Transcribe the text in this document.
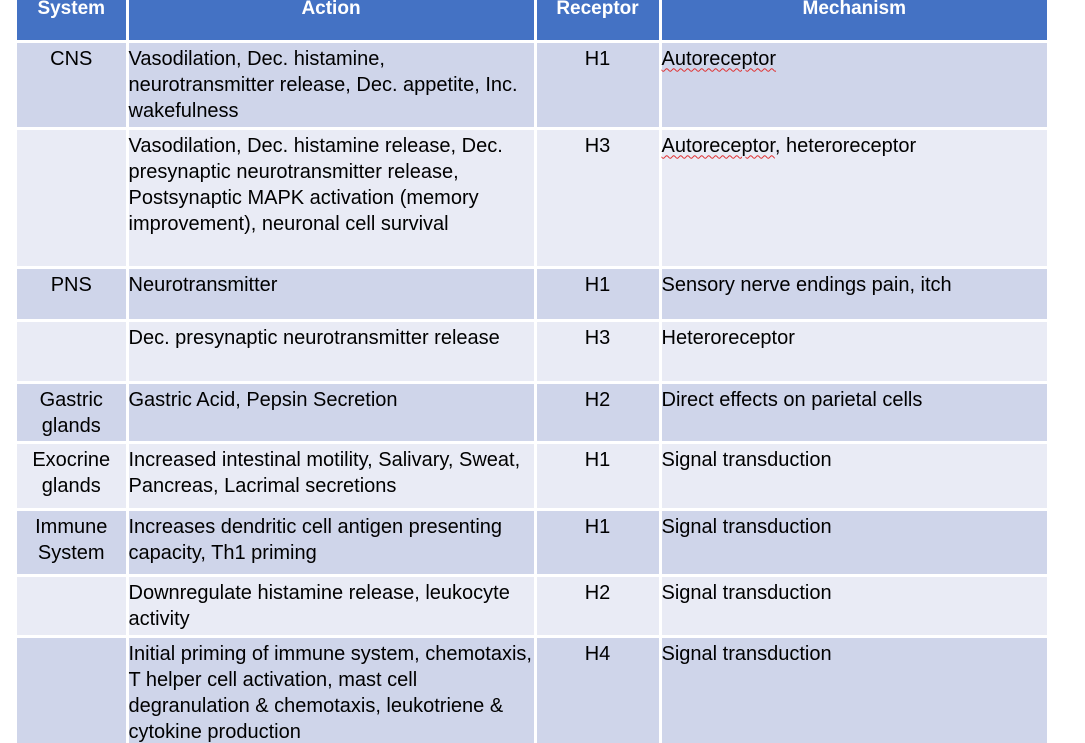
System	Action	Receptor	Mechanism

CNS	Vasodilation, Dec. histamine, neurotransmitter release, Dec. appetite, Inc. wakefulness	H1	Autoreceptor
	Vasodilation, Dec. histamine release, Dec. presynaptic neurotransmitter release, Postsynaptic MAPK activation (memory improvement), neuronal cell survival	H3	Autoreceptor, heteroreceptor
PNS	Neurotransmitter	H1	Sensory nerve endings pain, itch
	Dec. presynaptic neurotransmitter release	H3	Heteroreceptor
Gastric glands	Gastric Acid, Pepsin Secretion	H2	Direct effects on parietal cells
Exocrine glands	Increased intestinal motility, Salivary, Sweat, Pancreas, Lacrimal secretions	H1	Signal transduction
Immune System	Increases dendritic cell antigen presenting capacity, Th1 priming	H1	Signal transduction
	Downregulate histamine release, leukocyte activity	H2	Signal transduction
	Initial priming of immune system, chemotaxis, T helper cell activation, mast cell degranulation & chemotaxis, leukotriene & cytokine production	H4	Signal transduction
